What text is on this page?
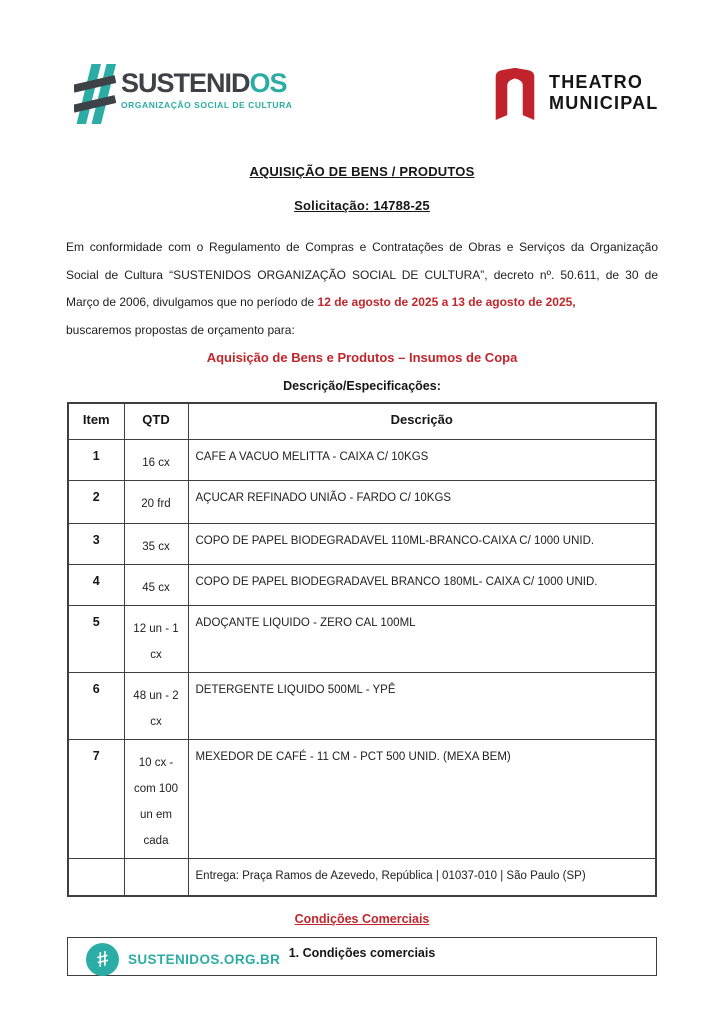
SUSTENIDOS
ORGANIZAÇÃO SOCIAL DE CULTURA
THEATRO
MUNICIPAL
AQUISIÇÃO DE BENS / PRODUTOS
Solicitação: 14788-25

Em conformidade com o Regulamento de Compras e Contratações de Obras e Serviços da Organização Social de Cultura “SUSTENIDOS ORGANIZAÇÃO SOCIAL DE CULTURA”, decreto nº. 50.611, de 30 de Março de 2006, divulgamos que no período de 12 de agosto de 2025 a 13 de agosto de 2025,
buscaremos propostas de orçamento para:

Aquisição de Bens e Produtos – Insumos de Copa
Descrição/Especificações:
Item	QTD	Descrição
1	16 cx	CAFE A VACUO MELITTA - CAIXA C/ 10KGS
2	20 frd	AÇUCAR REFINADO UNIÃO - FARDO C/ 10KGS
3	35 cx	COPO DE PAPEL BIODEGRADAVEL 110ML-BRANCO-CAIXA C/ 1000 UNID.
4	45 cx	COPO DE PAPEL BIODEGRADAVEL BRANCO 180ML- CAIXA C/ 1000 UNID.
5	12 un - 1 cx	ADOÇANTE LIQUIDO - ZERO CAL 100ML
6	48 un - 2 cx	DETERGENTE LIQUIDO 500ML - YPÊ
7	10 cx - com 100 un em cada	MEXEDOR DE CAFÉ - 11 CM - PCT 500 UNID. (MEXA BEM)
		Entrega: Praça Ramos de Azevedo, República | 01037-010 | São Paulo (SP)
Condições Comerciais
1. Condições comerciais
# SUSTENIDOS.ORG.BR
